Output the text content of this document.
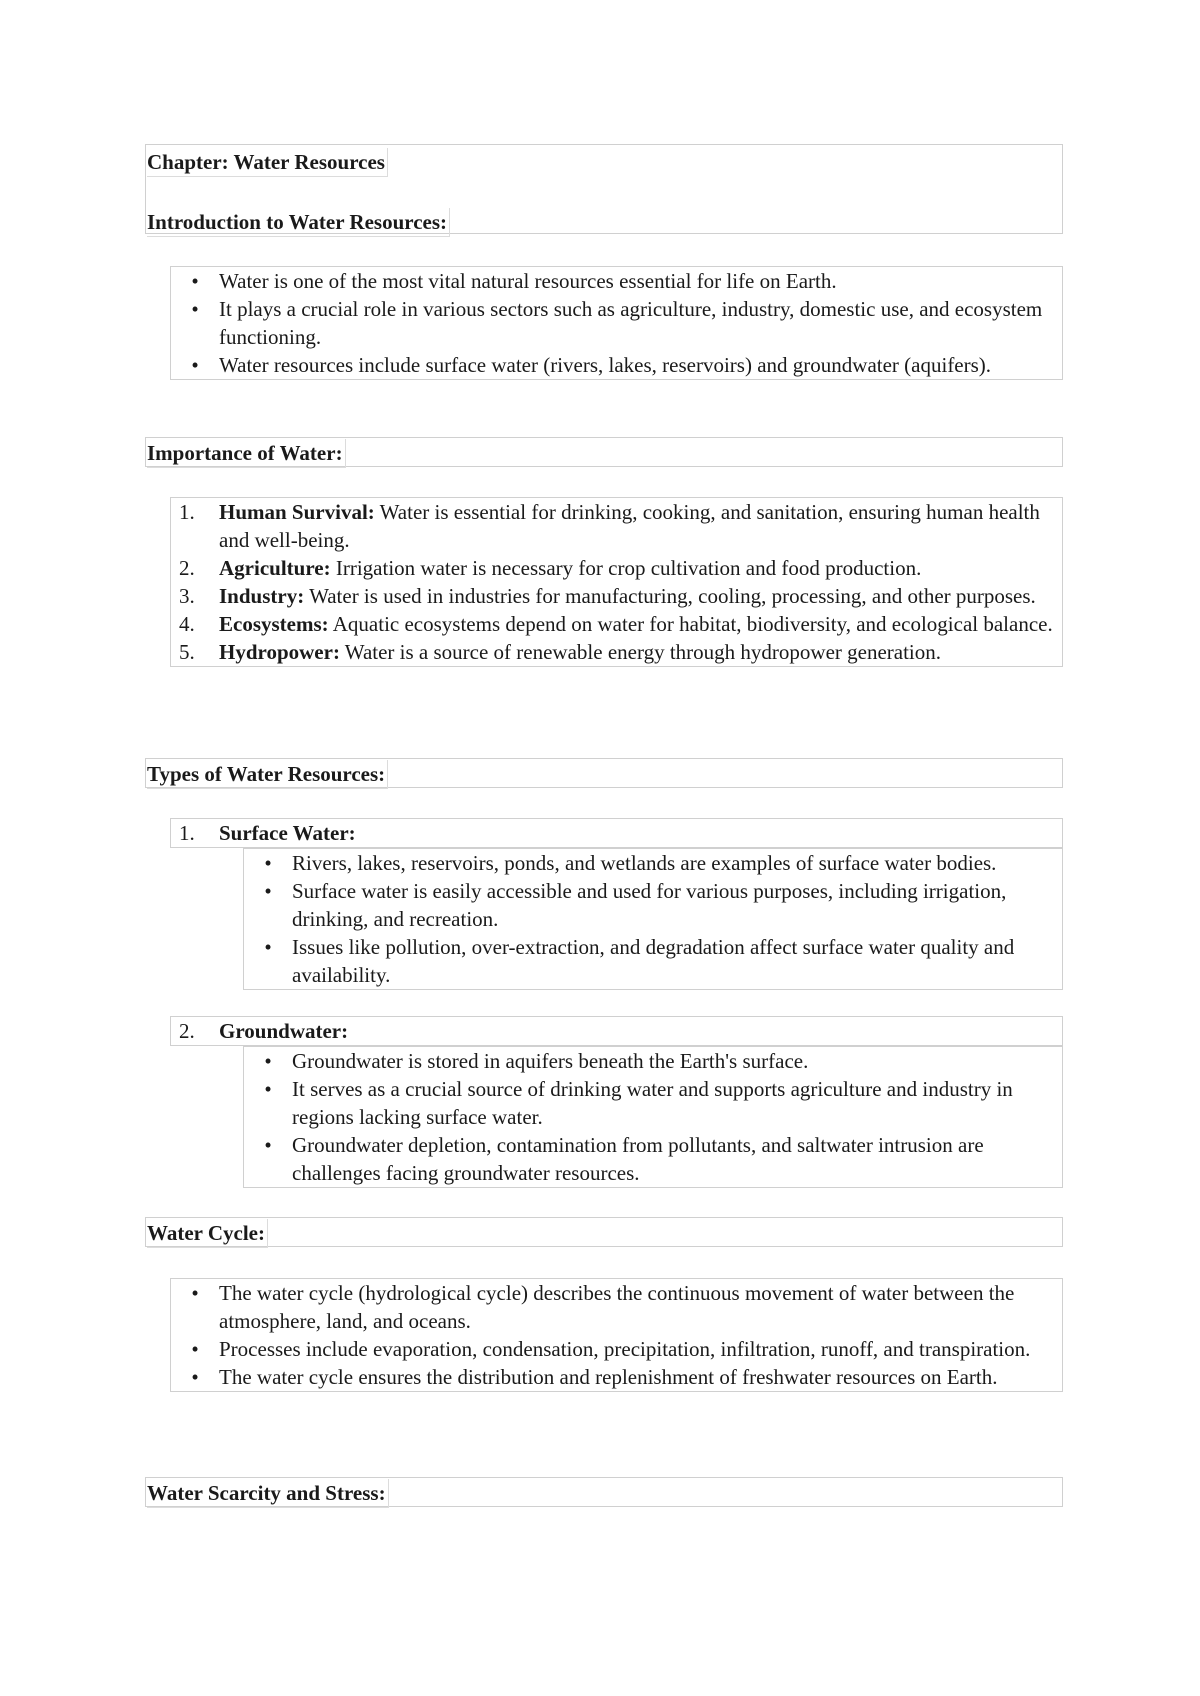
Chapter: Water Resources
Introduction to Water Resources:
• Water is one of the most vital natural resources essential for life on Earth.
• It plays a crucial role in various sectors such as agriculture, industry, domestic use, and ecosystem functioning.
• Water resources include surface water (rivers, lakes, reservoirs) and groundwater (aquifers).
Importance of Water:
1.	Human Survival: Water is essential for drinking, cooking, and sanitation, ensuring human health and well-being.
2.	Agriculture: Irrigation water is necessary for crop cultivation and food production.
3.	Industry: Water is used in industries for manufacturing, cooling, processing, and other purposes.
4.	Ecosystems: Aquatic ecosystems depend on water for habitat, biodiversity, and ecological balance.
5.	Hydropower: Water is a source of renewable energy through hydropower generation.
Types of Water Resources:
1.	Surface Water:
• Rivers, lakes, reservoirs, ponds, and wetlands are examples of surface water bodies.
• Surface water is easily accessible and used for various purposes, including irrigation, drinking, and recreation.
• Issues like pollution, over-extraction, and degradation affect surface water quality and availability.
2.	Groundwater:
• Groundwater is stored in aquifers beneath the Earth's surface.
• It serves as a crucial source of drinking water and supports agriculture and industry in regions lacking surface water.
• Groundwater depletion, contamination from pollutants, and saltwater intrusion are challenges facing groundwater resources.
Water Cycle:
• The water cycle (hydrological cycle) describes the continuous movement of water between the atmosphere, land, and oceans.
• Processes include evaporation, condensation, precipitation, infiltration, runoff, and transpiration.
• The water cycle ensures the distribution and replenishment of freshwater resources on Earth.
Water Scarcity and Stress:
